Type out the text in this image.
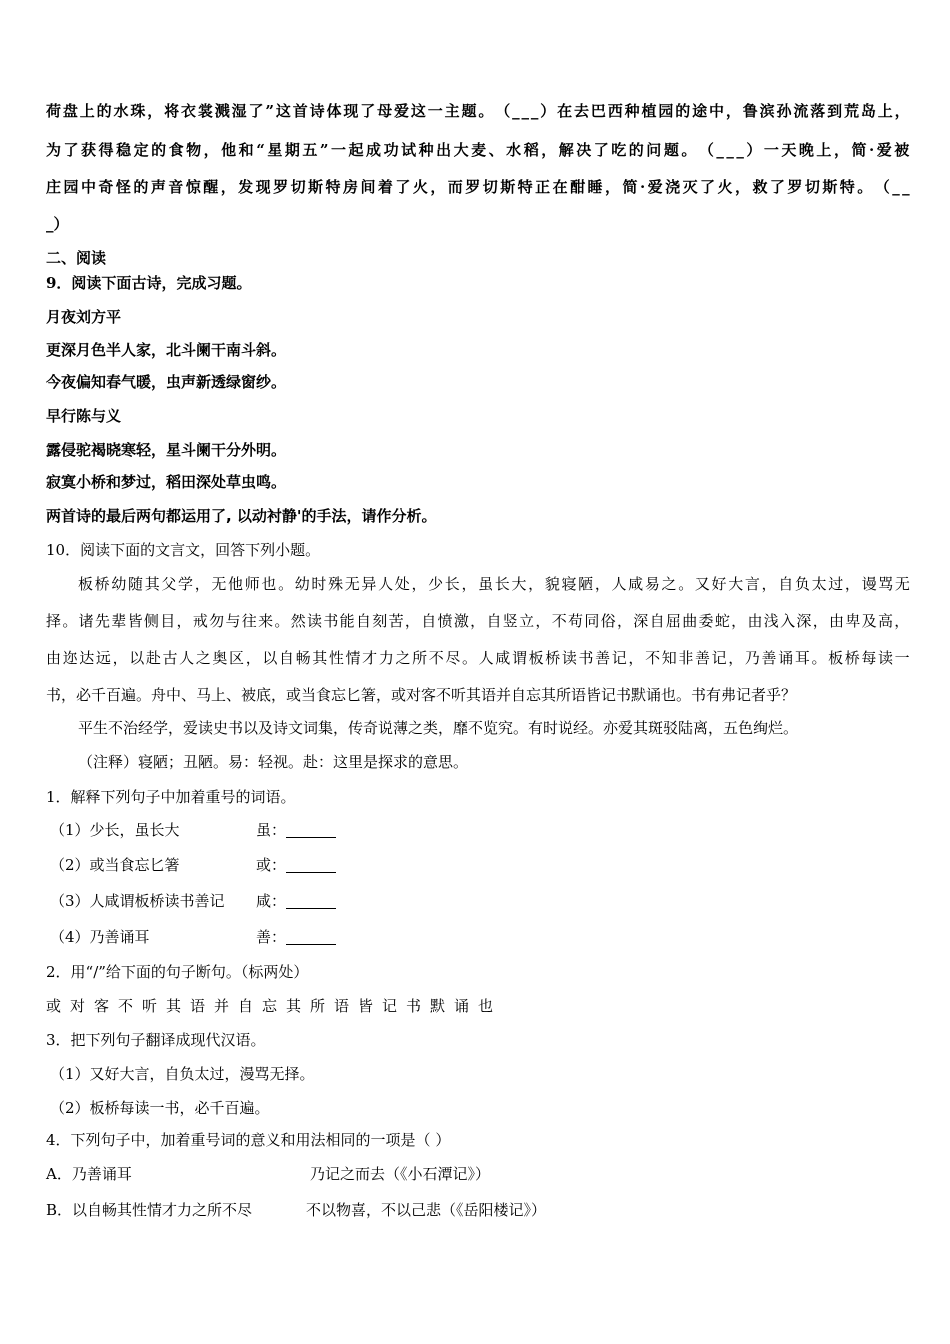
荷 盘 上 的 水 珠 ， 将 衣 裳 溅 湿 了 ” 这 首 诗 体 现 了 母 爱 这 一 主 题 。 （ _ _ _ ） 在 去 巴 西 种 植 园 的 途 中 ， 鲁 滨 孙 流 落 到 荒 岛 上 ，
为 了 获 得 稳 定 的 食 物 ， 他 和 “ 星 期 五 ” 一 起 成 功 试 种 出 大 麦 、 水 稻 ， 解 决 了 吃 的 问 题 。 （ _ _ _ ） 一 天 晚 上 ， 简 · 爱 被
庄 园 中 奇 怪 的 声 音 惊 醒 ， 发 现 罗 切 斯 特 房 间 着 了 火 ， 而 罗 切 斯 特 正 在 酣 睡 ， 简 · 爱 浇 灭 了 火 ， 救 了 罗 切 斯 特 。 （ _ _
_）
二、阅读
9．阅读下面古诗，完成习题。
月夜刘方平
更深月色半人家，北斗阑干南斗斜。
今夜偏知春气暖，虫声新透绿窗纱。
早行陈与义
露侵驼褐晓寒轻，星斗阑干分外明。
寂寞小桥和梦过，稻田深处草虫鸣。
两首诗的最后两句都运用了, 以动衬静'的手法，请作分析。
10．阅读下面的文言文，回答下列小题。
板 桥 幼 随 其 父 学 ， 无 他 师 也 。 幼 时 殊 无 异 人 处 ， 少 长 ， 虽 长 大 ， 貌 寝 陋 ， 人 咸 易 之 。 又 好 大 言 ， 自 负 太 过 ， 谩 骂 无
择 。 诸 先 辈 皆 侧 目 ， 戒 勿 与 往 来 。 然 读 书 能 自 刻 苦 ， 自 愤 激 ， 自 竖 立 ， 不 苟 同 俗 ， 深 自 屈 曲 委 蛇 ， 由 浅 入 深 ， 由 卑 及 高 ，
由 迩 达 远 ， 以 赴 古 人 之 奥 区 ， 以 自 畅 其 性 情 才 力 之 所 不 尽 。 人 咸 谓 板 桥 读 书 善 记 ， 不 知 非 善 记 ， 乃 善 诵 耳 。 板 桥 每 读 一
书，必千百遍。舟中、马上、被底，或当食忘匕箸，或对客不听其语并自忘其所语皆记书默诵也。书有弗记者乎？
平生不治经学，爱读史书以及诗文词集，传奇说薄之类，靡不览究。有时说经。亦爱其斑驳陆离，五色绚烂。
（注释）寝陋；丑陋。易：轻视。赴：这里是探求的意思。
1．解释下列句子中加着重号的词语。
（1）少长，虽长大	虽：
（2）或当食忘匕箸	或：
（3）人咸谓板桥读书善记 咸：
（4）乃善诵耳	善：
2．用“/”给下面的句子断句。（标两处）
或对客不听其语并自忘其所语皆记书默诵也
3．把下列句子翻译成现代汉语。
（1）又好大言，自负太过，漫骂无择。
（2）板桥每读一书，必千百遍。
4．下列句子中，加着重号词的意义和用法相同的一项是（ ）
A．乃善诵耳	乃记之而去（《小石潭记》）
B．以自畅其性情才力之所不尽	不以物喜，不以己悲（《岳阳楼记》）
